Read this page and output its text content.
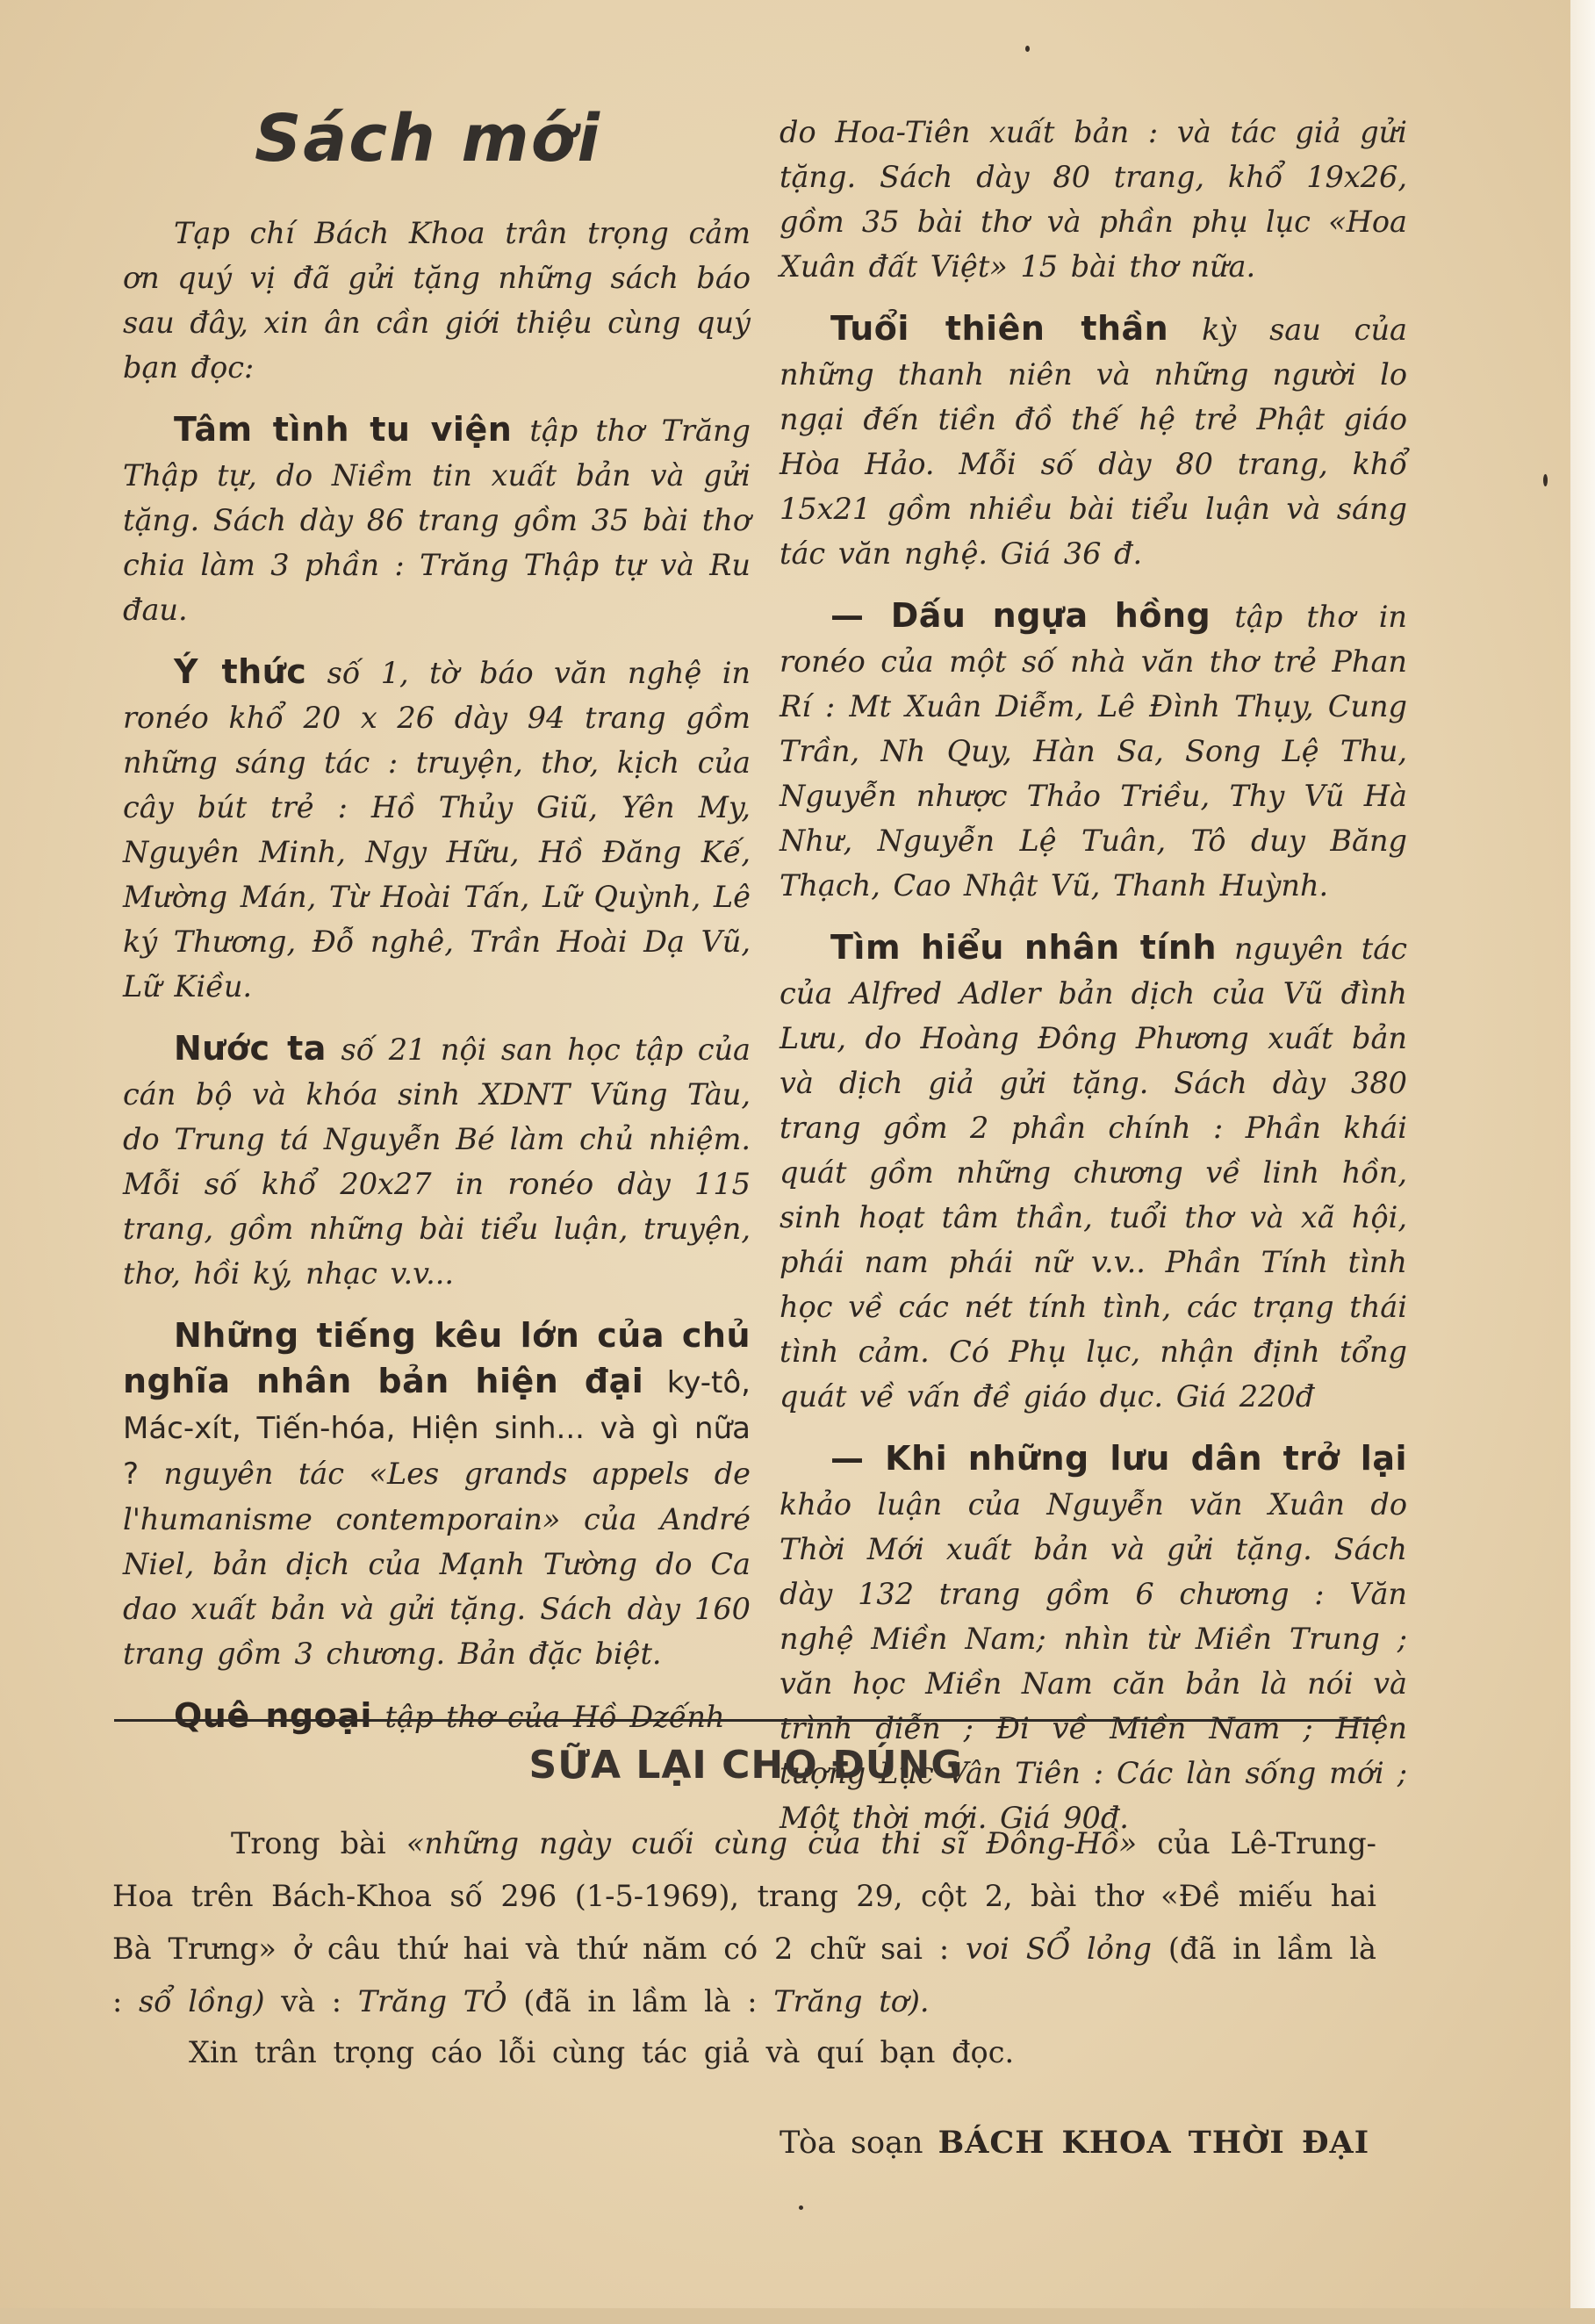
Sách mới

Tạp chí Bách Khoa trân trọng cảm ơn quý vị đã gửi tặng những sách báo sau đây, xin ân cần giới thiệu cùng quý bạn đọc:

Tâm tình tu viện tập thơ Trăng Thập tự, do Niềm tin xuất bản và gửi tặng. Sách dày 86 trang gồm 35 bài thơ chia làm 3 phần : Trăng Thập tự và Ru đau.

Ý thức số 1, tờ báo văn nghệ in ronéo khổ 20 x 26 dày 94 trang gồm những sáng tác : truyện, thơ, kịch của cây bút trẻ : Hồ Thủy Giũ, Yên My, Nguyên Minh, Ngy Hữu, Hồ Đăng Kế, Mường Mán, Từ Hoài Tấn, Lữ Quỳnh, Lê ký Thương, Đỗ nghê, Trần Hoài Dạ Vũ, Lữ Kiều.

Nước ta số 21 nội san học tập của cán bộ và khóa sinh XDNT Vũng Tàu, do Trung tá Nguyễn Bé làm chủ nhiệm. Mỗi số khổ 20x27 in ronéo dày 115 trang, gồm những bài tiểu luận, truyện, thơ, hồi ký, nhạc v.v...

Những tiếng kêu lớn của chủ nghĩa nhân bản hiện đại ky-tô, Mác-xít, Tiến-hóa, Hiện sinh... và gì nữa ? nguyên tác «Les grands appels de l'humanisme contemporain» của André Niel, bản dịch của Mạnh Tường do Ca dao xuất bản và gửi tặng. Sách dày 160 trang gồm 3 chương. Bản đặc biệt.

Quê ngoại tập thơ của Hồ Dzếnh

do Hoa-Tiên xuất bản : và tác giả gửi tặng. Sách dày 80 trang, khổ 19x26, gồm 35 bài thơ và phần phụ lục «Hoa Xuân đất Việt» 15 bài thơ nữa.

Tuổi thiên thần kỳ sau của những thanh niên và những người lo ngại đến tiền đồ thế hệ trẻ Phật giáo Hòa Hảo. Mỗi số dày 80 trang, khổ 15x21 gồm nhiều bài tiểu luận và sáng tác văn nghệ. Giá 36 đ.

— Dấu ngựa hồng tập thơ in ronéo của một số nhà văn thơ trẻ Phan Rí : Mt Xuân Diễm, Lê Đình Thụy, Cung Trần, Nh Quy, Hàn Sa, Song Lệ Thu, Nguyễn nhược Thảo Triều, Thy Vũ Hà Như, Nguyễn Lệ Tuân, Tô duy Băng Thạch, Cao Nhật Vũ, Thanh Huỳnh.

Tìm hiểu nhân tính nguyên tác của Alfred Adler bản dịch của Vũ đình Lưu, do Hoàng Đông Phương xuất bản và dịch giả gửi tặng. Sách dày 380 trang gồm 2 phần chính : Phần khái quát gồm những chương về linh hồn, sinh hoạt tâm thần, tuổi thơ và xã hội, phái nam phái nữ v.v.. Phần Tính tình học về các nét tính tình, các trạng thái tình cảm. Có Phụ lục, nhận định tổng quát về vấn đề giáo dục. Giá 220đ

— Khi những lưu dân trở lại khảo luận của Nguyễn văn Xuân do Thời Mới xuất bản và gửi tặng. Sách dày 132 trang gồm 6 chương : Văn nghệ Miền Nam; nhìn từ Miền Trung ; văn học Miền Nam căn bản là nói và trình diễn ; Đi về Miền Nam ; Hiện tượng Lục Vân Tiên : Các làn sống mới ; Một thời mới. Giá 90đ.

SỮA LẠI CHO ĐÚNG

Trong bài «những ngày cuối cùng của thi sĩ Đông-Hồ» của Lê-Trung-Hoa trên Bách-Khoa số 296 (1-5-1969), trang 29, cột 2, bài thơ «Đề miếu hai Bà Trưng» ở câu thứ hai và thứ năm có 2 chữ sai : voi SỔ lỏng (đã in lầm là : sổ lồng) và : Trăng TỎ (đã in lầm là : Trăng tơ).

Xin trân trọng cáo lỗi cùng tác giả và quí bạn đọc.

Tòa soạn BÁCH KHOA THỜI ĐẠI
